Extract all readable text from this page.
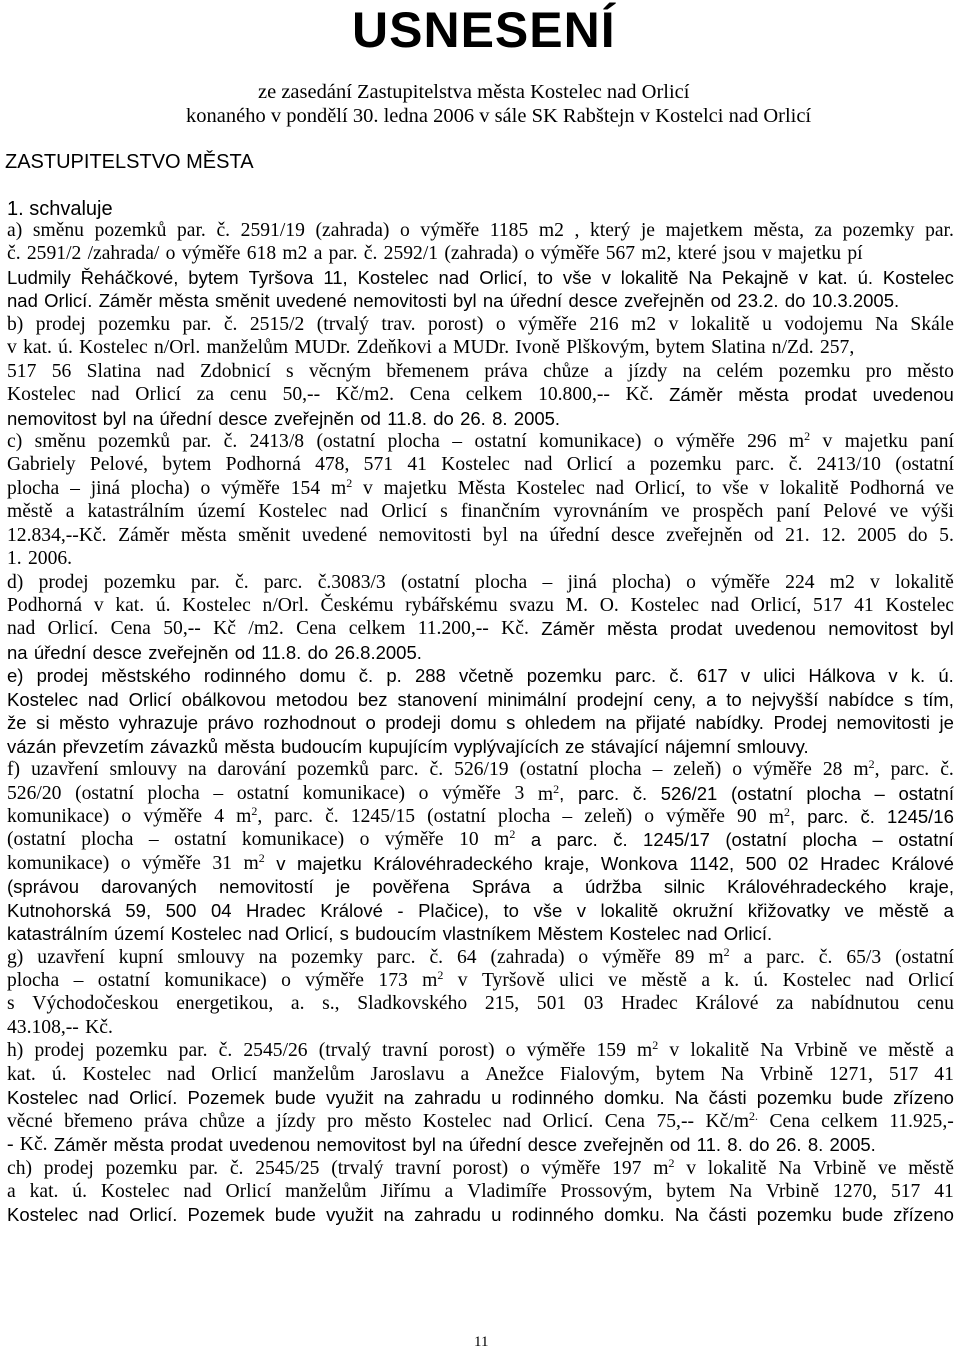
USNESENÍ
ze zasedání Zastupitelstva města Kostelec nad Orlicí
konaného v pondělí 30. ledna 2006 v sále SK Rabštejn v Kostelci nad Orlicí
ZASTUPITELSTVO MĚSTA
1. schvaluje
a) směnu pozemků par. č. 2591/19 (zahrada) o výměře 1185 m2 , který je majetkem města, za pozemky par.
č. 2591/2 /zahrada/ o výměře 618 m2 a par. č. 2592/1 (zahrada) o výměře 567 m2, které jsou v majetku pí
Ludmily Řeháčkové, bytem Tyršova 11, Kostelec nad Orlicí, to vše v lokalitě Na Pekajně v kat. ú. Kostelec
nad Orlicí. Záměr města směnit uvedené nemovitosti byl na úřední desce zveřejněn od 23.2. do 10.3.2005.
b) prodej pozemku par. č. 2515/2 (trvalý trav. porost) o výměře 216 m2 v lokalitě u vodojemu Na Skále
v kat. ú. Kostelec n/Orl. manželům MUDr. Zdeňkovi a MUDr. Ivoně Plškovým, bytem Slatina n/Zd. 257,
517 56 Slatina nad Zdobnicí s věcným břemenem práva chůze a jízdy na celém pozemku pro město
Kostelec nad Orlicí za cenu 50,-- Kč/m2. Cena celkem 10.800,-- Kč. Záměr města prodat uvedenou
nemovitost byl na úřední desce zveřejněn od 11.8. do 26. 8. 2005.
c) směnu pozemků par. č. 2413/8 (ostatní plocha – ostatní komunikace) o výměře 296 $m^2$ v majetku paní
Gabriely Pelové, bytem Podhorná 478, 571 41 Kostelec nad Orlicí a pozemku parc. č. 2413/10 (ostatní
plocha – jiná plocha) o výměře 154 $m^2$ v majetku Města Kostelec nad Orlicí, to vše v lokalitě Podhorná ve
městě a katastrálním území Kostelec nad Orlicí s finančním vyrovnáním ve prospěch paní Pelové ve výši
12.834,--Kč. Záměr města směnit uvedené nemovitosti byl na úřední desce zveřejněn od 21. 12. 2005 do 5.
1. 2006.
d) prodej pozemku par. č. parc. č.3083/3 (ostatní plocha – jiná plocha) o výměře 224 m2 v lokalitě
Podhorná v kat. ú. Kostelec n/Orl. Českému rybářskému svazu M. O. Kostelec nad Orlicí, 517 41 Kostelec
nad Orlicí. Cena 50,-- Kč /m2. Cena celkem 11.200,-- Kč. Záměr města prodat uvedenou nemovitost byl
na úřední desce zveřejněn od 11.8. do 26.8.2005.
e) prodej městského rodinného domu č. p. 288 včetně pozemku parc. č. 617 v ulici Hálkova v k. ú.
Kostelec nad Orlicí obálkovou metodou bez stanovení minimální prodejní ceny, a to nejvyšší nabídce s tím,
že si město vyhrazuje právo rozhodnout o prodeji domu s ohledem na přijaté nabídky. Prodej nemovitosti je
vázán převzetím závazků města budoucím kupujícím vyplývajících ze stávající nájemní smlouvy.
f) uzavření smlouvy na darování pozemků parc. č. 526/19 (ostatní plocha – zeleň) o výměře 28 $m^2$, parc. č.
526/20 (ostatní plocha – ostatní komunikace) o výměře 3 $m^2$, parc. č. 526/21 (ostatní plocha – ostatní
komunikace) o výměře 4 $m^2$, parc. č. 1245/15 (ostatní plocha – zeleň) o výměře 90 $m^2$, parc. č. 1245/16
(ostatní plocha – ostatní komunikace) o výměře 10 $m^2$ a parc. č. 1245/17 (ostatní plocha – ostatní
komunikace) o výměře 31 $m^2$ v majetku Královéhradeckého kraje, Wonkova 1142, 500 02 Hradec Králové
(správou darovaných nemovitostí je pověřena Správa a údržba silnic Královéhradeckého kraje,
Kutnohorská 59, 500 04 Hradec Králové - Plačice), to vše v lokalitě okružní křižovatky ve městě a
katastrálním území Kostelec nad Orlicí, s budoucím vlastníkem Městem Kostelec nad Orlicí.
g) uzavření kupní smlouvy na pozemky parc. č. 64 (zahrada) o výměře 89 $m^2$ a parc. č. 65/3 (ostatní
plocha – ostatní komunikace) o výměře 173 $m^2$ v Tyršově ulici ve městě a k. ú. Kostelec nad Orlicí
s Východočeskou energetikou, a. s., Sladkovského 215, 501 03 Hradec Králové za nabídnutou cenu
43.108,-- Kč.
h) prodej pozemku par. č. 2545/26 (trvalý travní porost) o výměře 159 $m^2$ v lokalitě Na Vrbině ve městě a
kat. ú. Kostelec nad Orlicí manželům Jaroslavu a Anežce Fialovým, bytem Na Vrbině 1271, 517 41
Kostelec nad Orlicí. Pozemek bude využit na zahradu u rodinného domku. Na části pozemku bude zřízeno
věcné břemeno práva chůze a jízdy pro město Kostelec nad Orlicí. Cena 75,-- $Kč/m^{2.}$ Cena celkem 11.925,-
- Kč. Záměr města prodat uvedenou nemovitost byl na úřední desce zveřejněn od 11. 8. do 26. 8. 2005.
ch) prodej pozemku par. č. 2545/25 (trvalý travní porost) o výměře 197 $m^2$ v lokalitě Na Vrbině ve městě
a kat. ú. Kostelec nad Orlicí manželům Jiřímu a Vladimíře Prossovým, bytem Na Vrbině 1270, 517 41
Kostelec nad Orlicí. Pozemek bude využit na zahradu u rodinného domku. Na části pozemku bude zřízeno
11
